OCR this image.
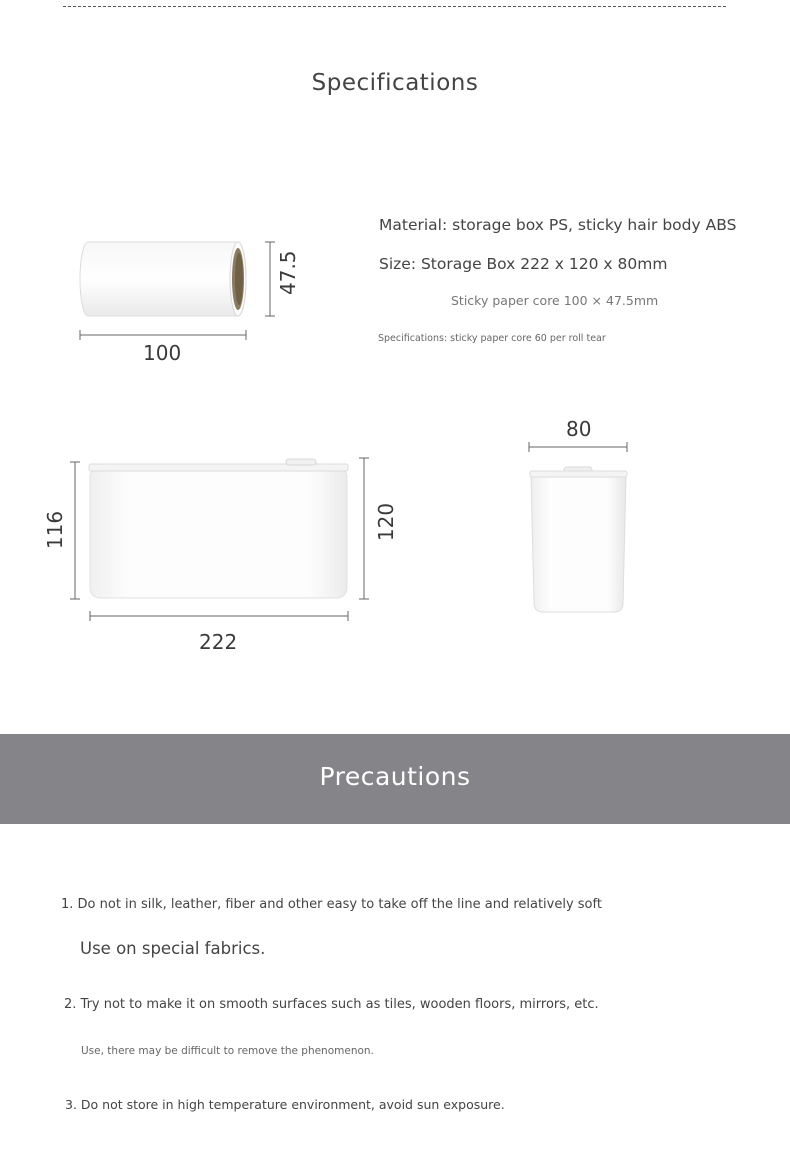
Specifications
47.5
100
Material: storage box PS, sticky hair body ABS
Size: Storage Box 222 x 120 x 80mm
Sticky paper core 100 × 47.5mm
Specifications: sticky paper core 60 per roll tear
116	120
222
80
Precautions
1. Do not in silk, leather, fiber and other easy to take off the line and relatively soft
Use on special fabrics.
2. Try not to make it on smooth surfaces such as tiles, wooden floors, mirrors, etc.
Use, there may be difficult to remove the phenomenon.
3. Do not store in high temperature environment, avoid sun exposure.
